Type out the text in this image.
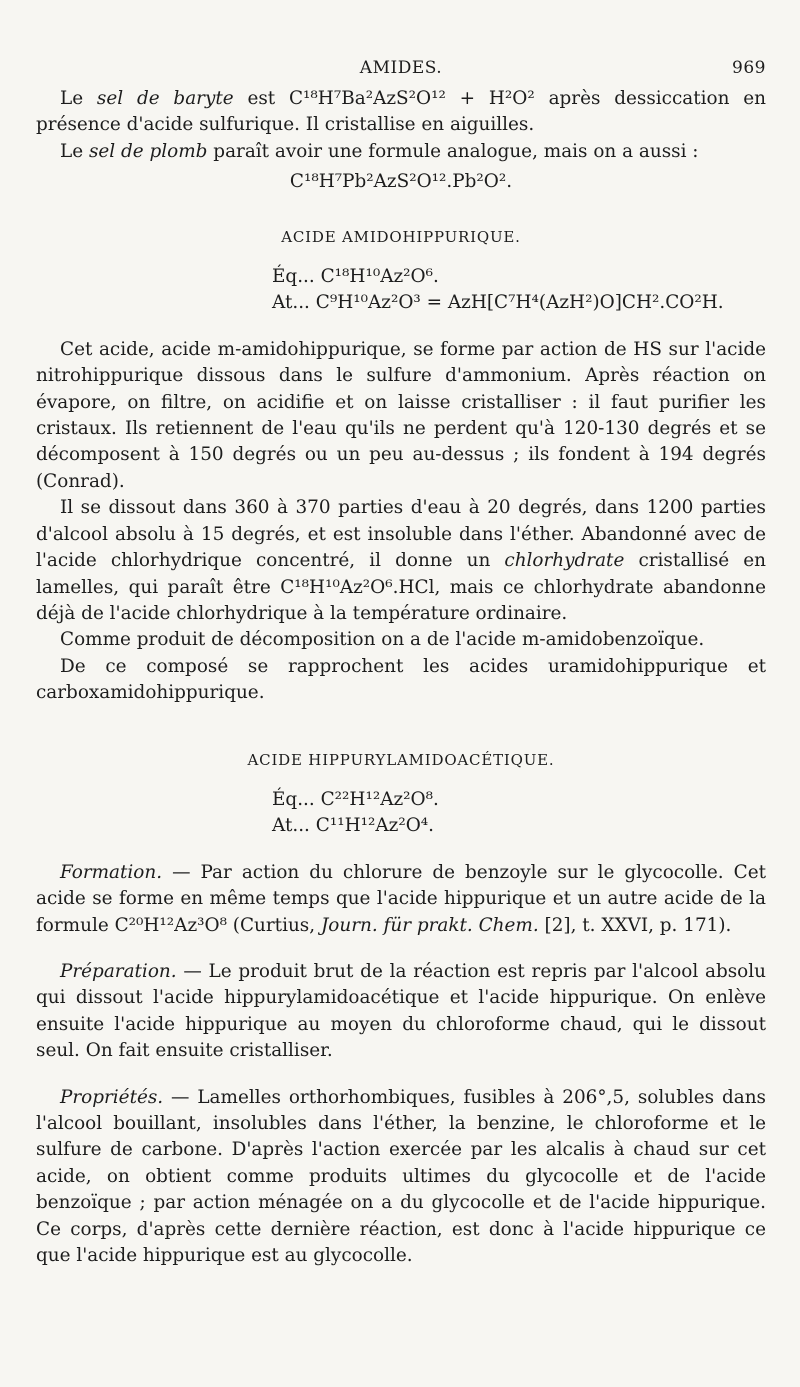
AMIDES.	969

Le sel de baryte est C¹⁸H⁷Ba²AzS²O¹² + H²O² après dessiccation en présence d'acide sulfurique. Il cristallise en aiguilles.

Le sel de plomb paraît avoir une formule analogue, mais on a aussi :

C¹⁸H⁷Pb²AzS²O¹².Pb²O².

ACIDE AMIDOHIPPURIQUE.

Éq... C¹⁸H¹⁰Az²O⁶.
At... C⁹H¹⁰Az²O³ = AzH[C⁷H⁴(AzH²)O]CH².CO²H.

Cet acide, acide m-amidohippurique, se forme par action de HS sur l'acide nitrohippurique dissous dans le sulfure d'ammonium. Après réaction on évapore, on filtre, on acidifie et on laisse cristalliser : il faut purifier les cristaux. Ils retiennent de l'eau qu'ils ne perdent qu'à 120-130 degrés et se décomposent à 150 degrés ou un peu au-dessus ; ils fondent à 194 degrés (Conrad).

Il se dissout dans 360 à 370 parties d'eau à 20 degrés, dans 1200 parties d'alcool absolu à 15 degrés, et est insoluble dans l'éther. Abandonné avec de l'acide chlorhydrique concentré, il donne un chlorhydrate cristallisé en lamelles, qui paraît être C¹⁸H¹⁰Az²O⁶.HCl, mais ce chlorhydrate abandonne déjà de l'acide chlorhydrique à la température ordinaire.

Comme produit de décomposition on a de l'acide m-amidobenzoïque.

De ce composé se rapprochent les acides uramidohippurique et carboxamidohippurique.

ACIDE HIPPURYLAMIDOACÉTIQUE.

Éq... C²²H¹²Az²O⁸.
At... C¹¹H¹²Az²O⁴.

Formation. — Par action du chlorure de benzoyle sur le glycocolle. Cet acide se forme en même temps que l'acide hippurique et un autre acide de la formule C²⁰H¹²Az³O⁸ (Curtius, Journ. für prakt. Chem. [2], t. XXVI, p. 171).

Préparation. — Le produit brut de la réaction est repris par l'alcool absolu qui dissout l'acide hippurylamidoacétique et l'acide hippurique. On enlève ensuite l'acide hippurique au moyen du chloroforme chaud, qui le dissout seul. On fait ensuite cristalliser.

Propriétés. — Lamelles orthorhombiques, fusibles à 206°,5, solubles dans l'alcool bouillant, insolubles dans l'éther, la benzine, le chloroforme et le sulfure de carbone. D'après l'action exercée par les alcalis à chaud sur cet acide, on obtient comme produits ultimes du glycocolle et de l'acide benzoïque ; par action ménagée on a du glycocolle et de l'acide hippurique. Ce corps, d'après cette dernière réaction, est donc à l'acide hippurique ce que l'acide hippurique est au glycocolle.
